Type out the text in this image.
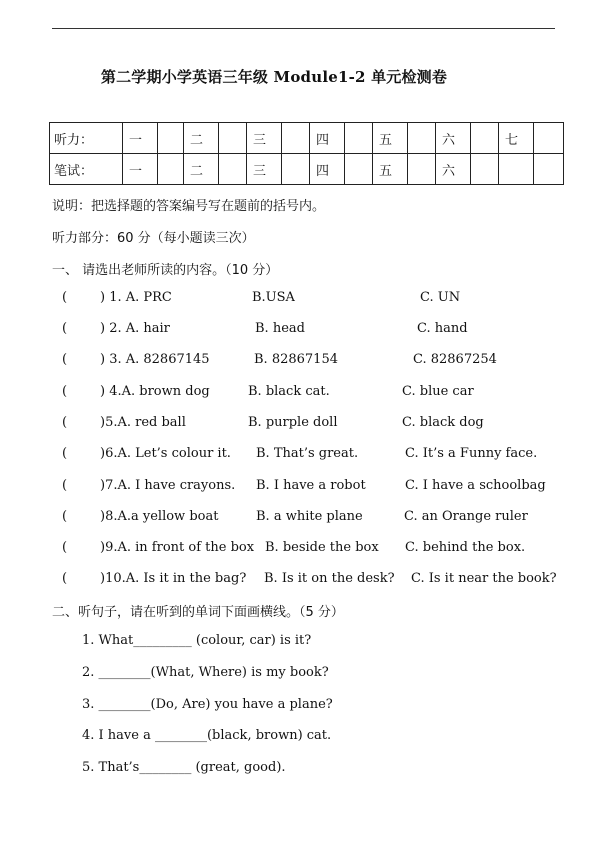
第二学期小学英语三年级 Module1-2 单元检测卷
听力：	一		二		三		四		五		六		七	
笔试：	一		二		三		四		五		六			
说明：把选择题的答案编号写在题前的括号内。
听力部分：60 分（每小题读三次）
一、 请选出老师所读的内容。（10 分）
(	) 1. A. PRC	B.USA	C. UN
(	) 2. A. hair	B. head	C. hand
(	) 3. A. 82867145	B. 82867154	C. 82867254
(	) 4.A. brown dog	B. black cat.	C. blue car
(	)5.A. red ball	B. purple doll	C. black dog
(	)6.A. Let’s colour it. B. That’s great.	C. It’s a Funny face.
(	)7.A. I have crayons. B. I have a robot	C. I have a schoolbag
(	)8.A.a yellow boat	B. a white plane	C. an Orange ruler
(	)9.A. in front of the box B. beside the box C. behind the box.
(	)10.A. Is it in the bag? B. Is it on the desk? C. Is it near the book?
二、听句子，请在听到的单词下面画横线。（5 分）
1. What_________ (colour, car) is it?
2. ________(What, Where) is my book?
3. ________(Do, Are) you have a plane?
4. I have a ________(black, brown) cat.
5. That’s________ (great, good).
